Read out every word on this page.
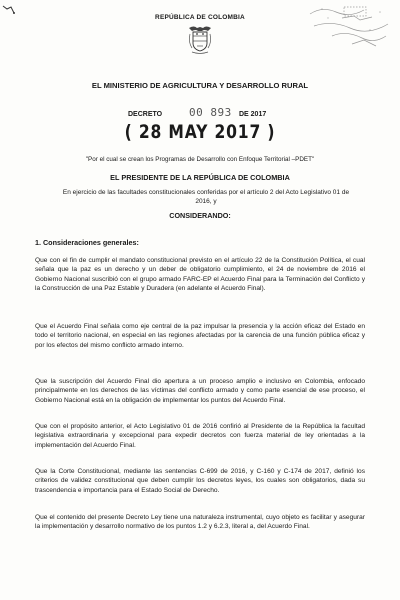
REPÚBLICA DE COLOMBIA
EL MINISTERIO DE AGRICULTURA Y DESARROLLO RURAL
DECRETO 00 893 DE 2017
( 28 MAY 2017 )
"Por el cual se crean los Programas de Desarrollo con Enfoque Territorial –PDET"
EL PRESIDENTE DE LA REPÚBLICA DE COLOMBIA
En ejercicio de las facultades constitucionales conferidas por el artículo 2 del Acto Legislativo 01 de 2016, y
CONSIDERANDO:
1. Consideraciones generales:
Que con el fin de cumplir el mandato constitucional previsto en el artículo 22 de la Constitución Política, el cual señala que la paz es un derecho y un deber de obligatorio cumplimiento, el 24 de noviembre de 2016 el Gobierno Nacional suscribió con el grupo armado FARC-EP el Acuerdo Final para la Terminación del Conflicto y la Construcción de una Paz Estable y Duradera (en adelante el Acuerdo Final).
Que el Acuerdo Final señala como eje central de la paz impulsar la presencia y la acción eficaz del Estado en todo el territorio nacional, en especial en las regiones afectadas por la carencia de una función pública eficaz y por los efectos del mismo conflicto armado interno.
Que la suscripción del Acuerdo Final dio apertura a un proceso amplio e inclusivo en Colombia, enfocado principalmente en los derechos de las víctimas del conflicto armado y como parte esencial de ese proceso, el Gobierno Nacional está en la obligación de implementar los puntos del Acuerdo Final.
Que con el propósito anterior, el Acto Legislativo 01 de 2016 confirió al Presidente de la República la facultad legislativa extraordinaria y excepcional para expedir decretos con fuerza material de ley orientadas a la implementación del Acuerdo Final.
Que la Corte Constitucional, mediante las sentencias C-699 de 2016, y C-160 y C-174 de 2017, definió los criterios de validez constitucional que deben cumplir los decretos leyes, los cuales son obligatorios, dada su trascendencia e importancia para el Estado Social de Derecho.
Que el contenido del presente Decreto Ley tiene una naturaleza instrumental, cuyo objeto es facilitar y asegurar la implementación y desarrollo normativo de los puntos 1.2 y 6.2.3, literal a, del Acuerdo Final.
